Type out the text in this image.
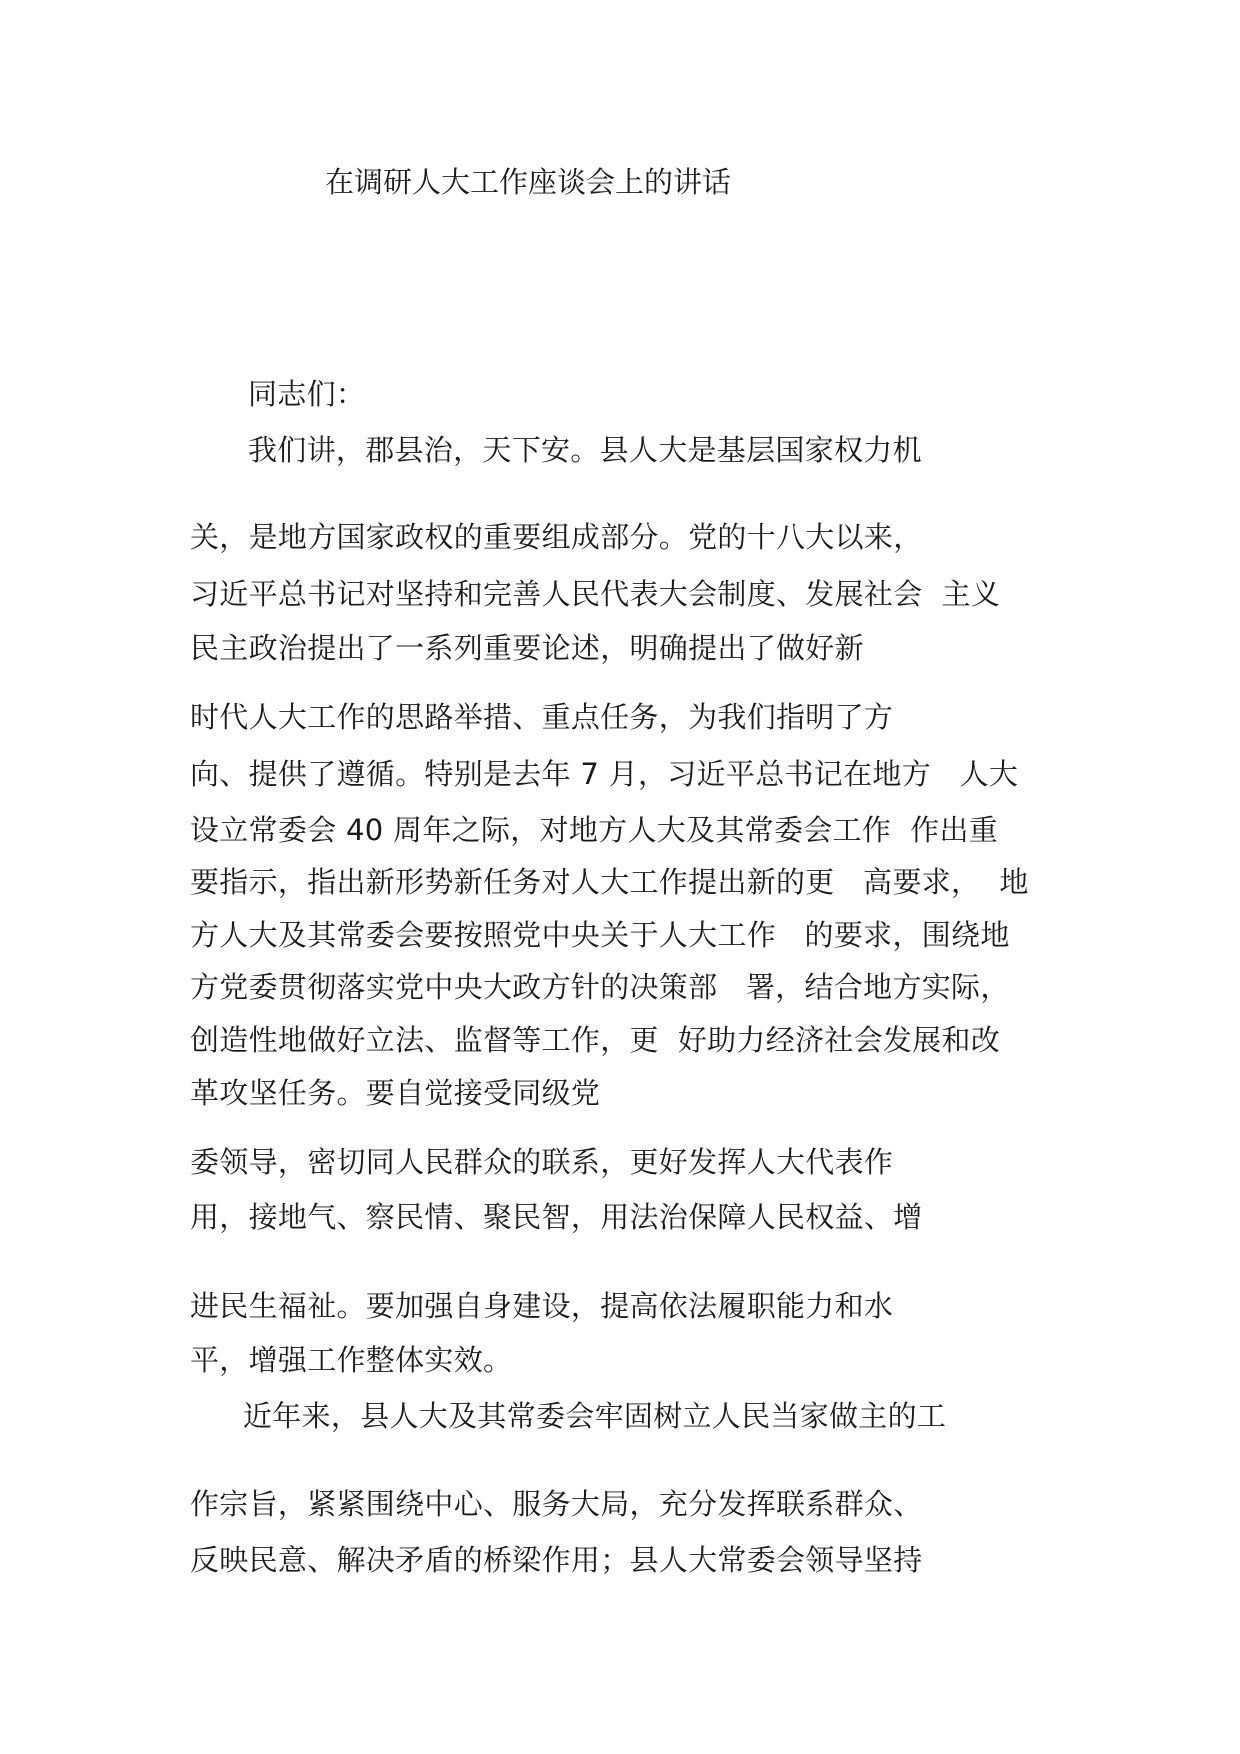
在调研人大工作座谈会上的讲话
同志们：
我们讲，郡县治，天下安。县人大是基层国家权力机
关，是地方国家政权的重要组成部分。党的十八大以来，
习近平总书记对坚持和完善人民代表大会制度、发展社会  主义
民主政治提出了一系列重要论述，明确提出了做好新
时代人大工作的思路举措、重点任务，为我们指明了方
向、提供了遵循。特别是去年 7 月，习近平总书记在地方   人大
设立常委会 40 周年之际，对地方人大及其常委会工作  作出重
要指示，指出新形势新任务对人大工作提出新的更   高要求，  地
方人大及其常委会要按照党中央关于人大工作   的要求，围绕地
方党委贯彻落实党中央大政方针的决策部   署，结合地方实际，
创造性地做好立法、监督等工作，更  好助力经济社会发展和改
革攻坚任务。要自觉接受同级党
委领导，密切同人民群众的联系，更好发挥人大代表作
用，接地气、察民情、聚民智，用法治保障人民权益、增
进民生福祉。要加强自身建设，提高依法履职能力和水
平，增强工作整体实效。
近年来，县人大及其常委会牢固树立人民当家做主的工
作宗旨，紧紧围绕中心、服务大局，充分发挥联系群众、
反映民意、解决矛盾的桥梁作用；县人大常委会领导坚持
